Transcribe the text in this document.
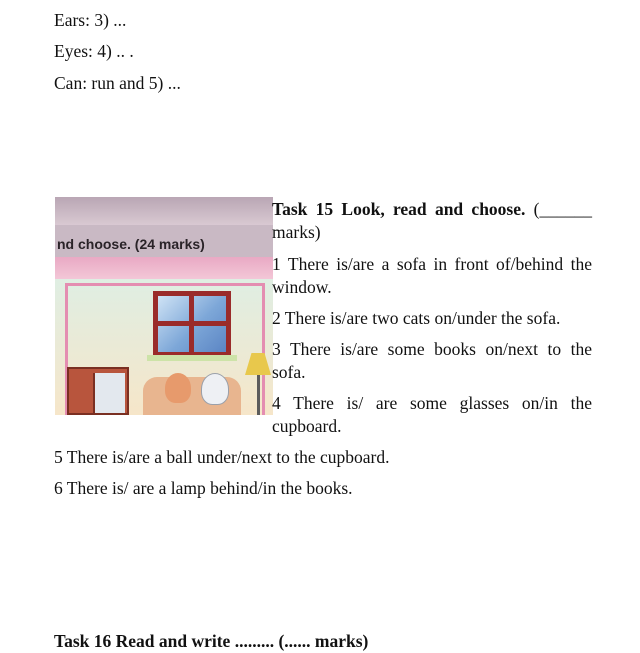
Ears: 3) ...
Eyes: 4) .. .
Can: run and 5) ...
nd choose. (24 marks)
Task 15 Look, read and choose. (______ marks)
1 There is/are a sofa in front of/behind the window.
2 There is/are two cats on/under the sofa.
3 There is/are some books on/next to the sofa.
4 There is/ are some glasses on/in the cupboard.
5 There is/are a ball under/next to the cupboard.
6 There is/ are a lamp behind/in the books.
Task 16 Read and write ......... (...... marks)
